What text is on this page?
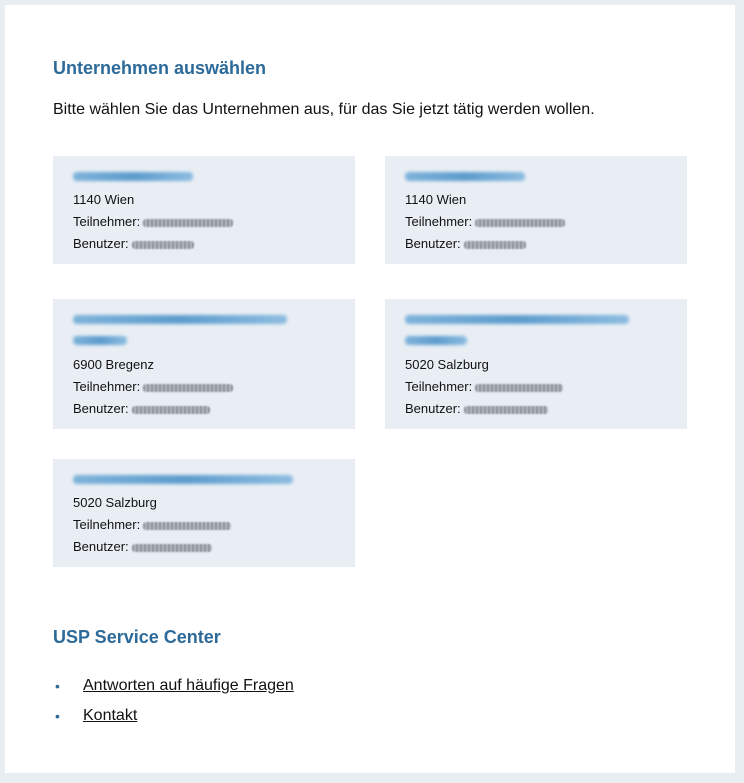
Unternehmen auswählen
Bitte wählen Sie das Unternehmen aus, für das Sie jetzt tätig werden wollen.
1140 Wien
Teilnehmer:
Benutzer:
1140 Wien
Teilnehmer:
Benutzer:

6900 Bregenz
Teilnehmer:
Benutzer:

5020 Salzburg
Teilnehmer:
Benutzer:
5020 Salzburg
Teilnehmer:
Benutzer:
USP Service Center
• Antworten auf häufige Fragen
• Kontakt
